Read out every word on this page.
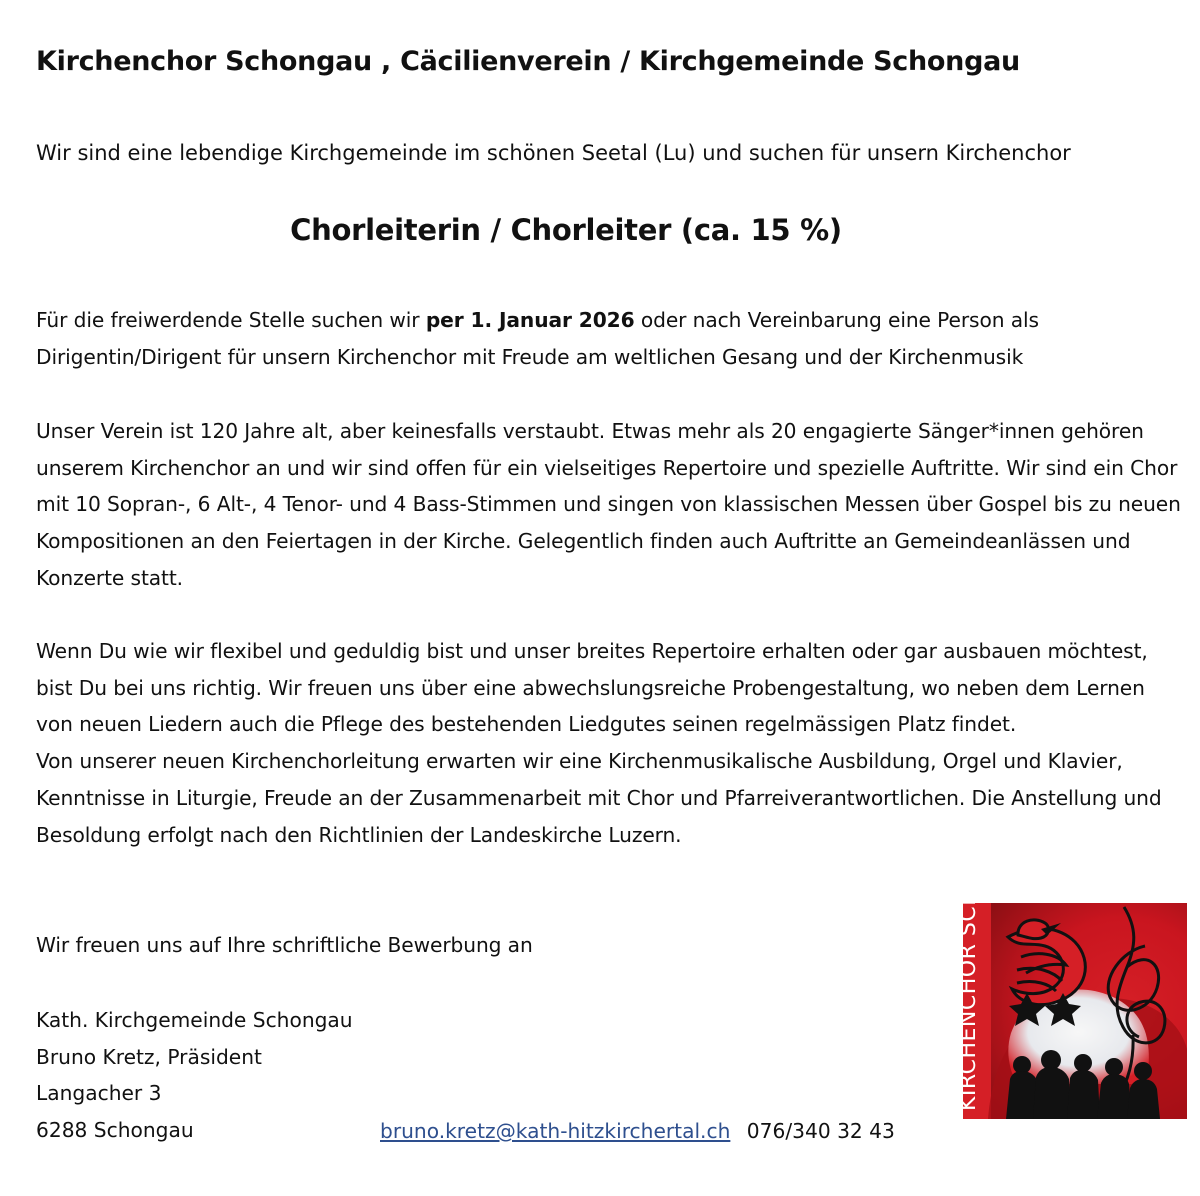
Kirchenchor Schongau , Cäcilienverein / Kirchgemeinde Schongau

Wir sind eine lebendige Kirchgemeinde im schönen Seetal (Lu) und suchen für unsern Kirchenchor

Chorleiterin / Chorleiter (ca. 15 %)

Für die freiwerdende Stelle suchen wir per 1. Januar 2026 oder nach Vereinbarung eine Person als Dirigentin/Dirigent für unsern Kirchenchor mit Freude am weltlichen Gesang und der Kirchenmusik

Unser Verein ist 120 Jahre alt, aber keinesfalls verstaubt. Etwas mehr als 20 engagierte Sänger*innen gehören unserem Kirchenchor an und wir sind offen für ein vielseitiges Repertoire und spezielle Auftritte. Wir sind ein Chor mit 10 Sopran-, 6 Alt-, 4 Tenor- und 4 Bass-Stimmen und singen von klassischen Messen über Gospel bis zu neuen Kompositionen an den Feiertagen in der Kirche. Gelegentlich finden auch Auftritte an Gemeindeanlässen und Konzerte statt.

Wenn Du wie wir flexibel und geduldig bist und unser breites Repertoire erhalten oder gar ausbauen möchtest, bist Du bei uns richtig. Wir freuen uns über eine abwechslungsreiche Probengestaltung, wo neben dem Lernen von neuen Liedern auch die Pflege des bestehenden Liedgutes seinen regelmässigen Platz findet.
Von unserer neuen Kirchenchorleitung erwarten wir eine Kirchenmusikalische Ausbildung, Orgel und Klavier, Kenntnisse in Liturgie, Freude an der Zusammenarbeit mit Chor und Pfarreiverantwortlichen. Die Anstellung und Besoldung erfolgt nach den Richtlinien der Landeskirche Luzern.

Wir freuen uns auf Ihre schriftliche Bewerbung an

Kath. Kirchgemeinde Schongau
Bruno Kretz, Präsident
Langacher 3
6288 Schongau	bruno.kretz@kath-hitzkirchertal.ch 076/340 32 43
KIRCHENCHOR SCHONGAU
